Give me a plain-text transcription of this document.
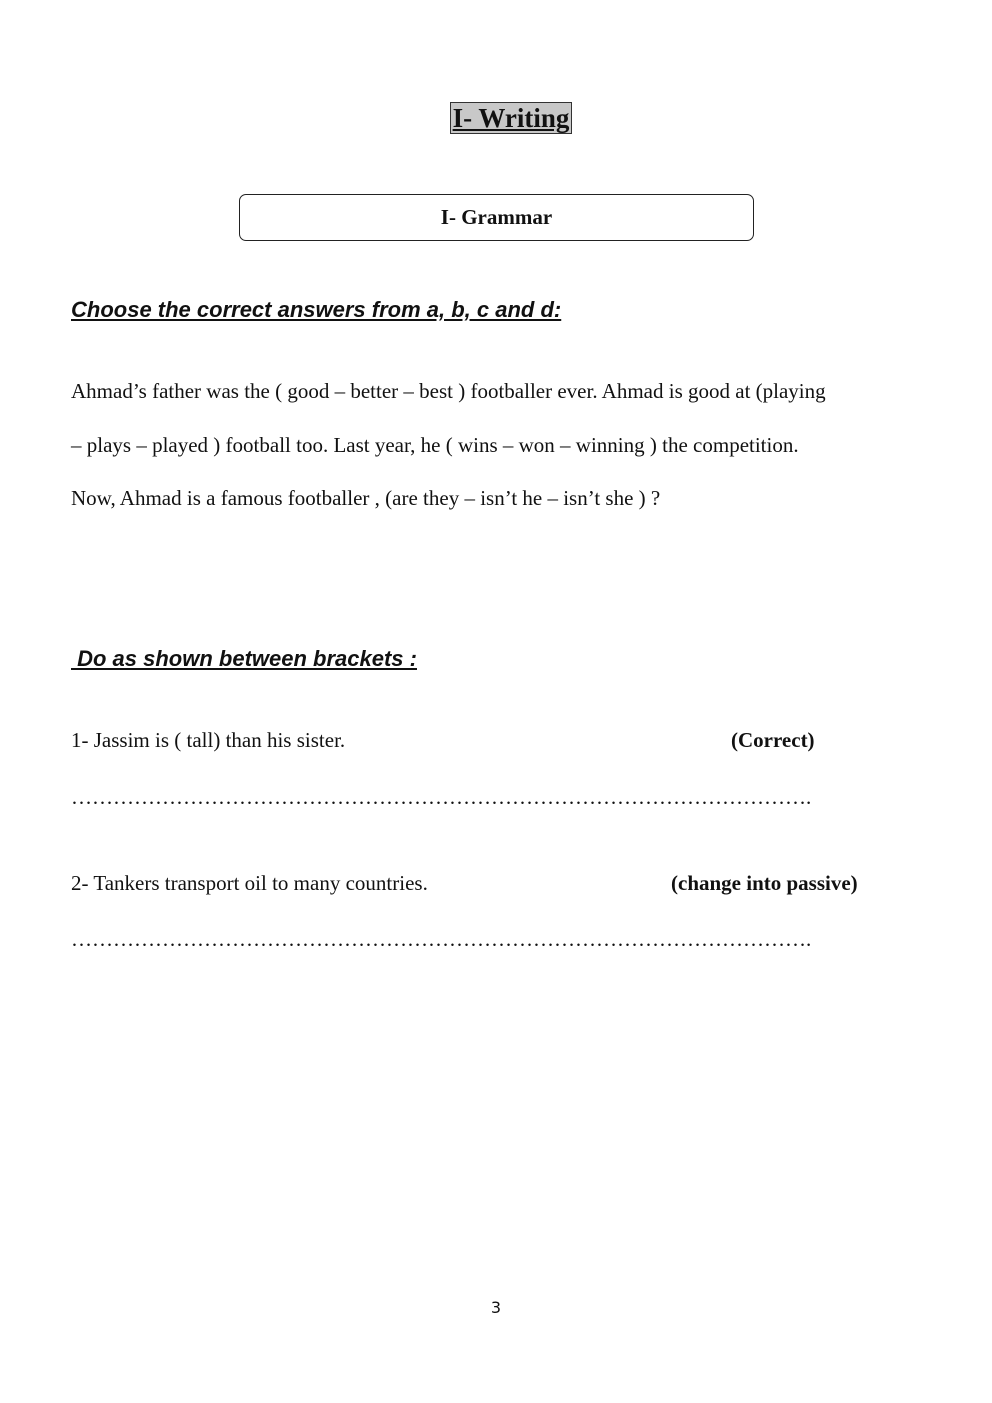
I- Writing
I- Grammar
Choose the correct answers from a, b, c and d:

Ahmad’s father was the ( good – better – best ) footballer ever. Ahmad is good at (playing

– plays – played ) football too. Last year, he ( wins – won – winning ) the competition.

Now, Ahmad is a famous footballer , (are they – isn’t he – isn’t she ) ?

Do as shown between brackets :
1- Jassim is ( tall) than his sister.	(Correct)
…………………………………………………………………………………………….
2- Tankers transport oil to many countries.	(change into passive)
…………………………………………………………………………………………….
3
